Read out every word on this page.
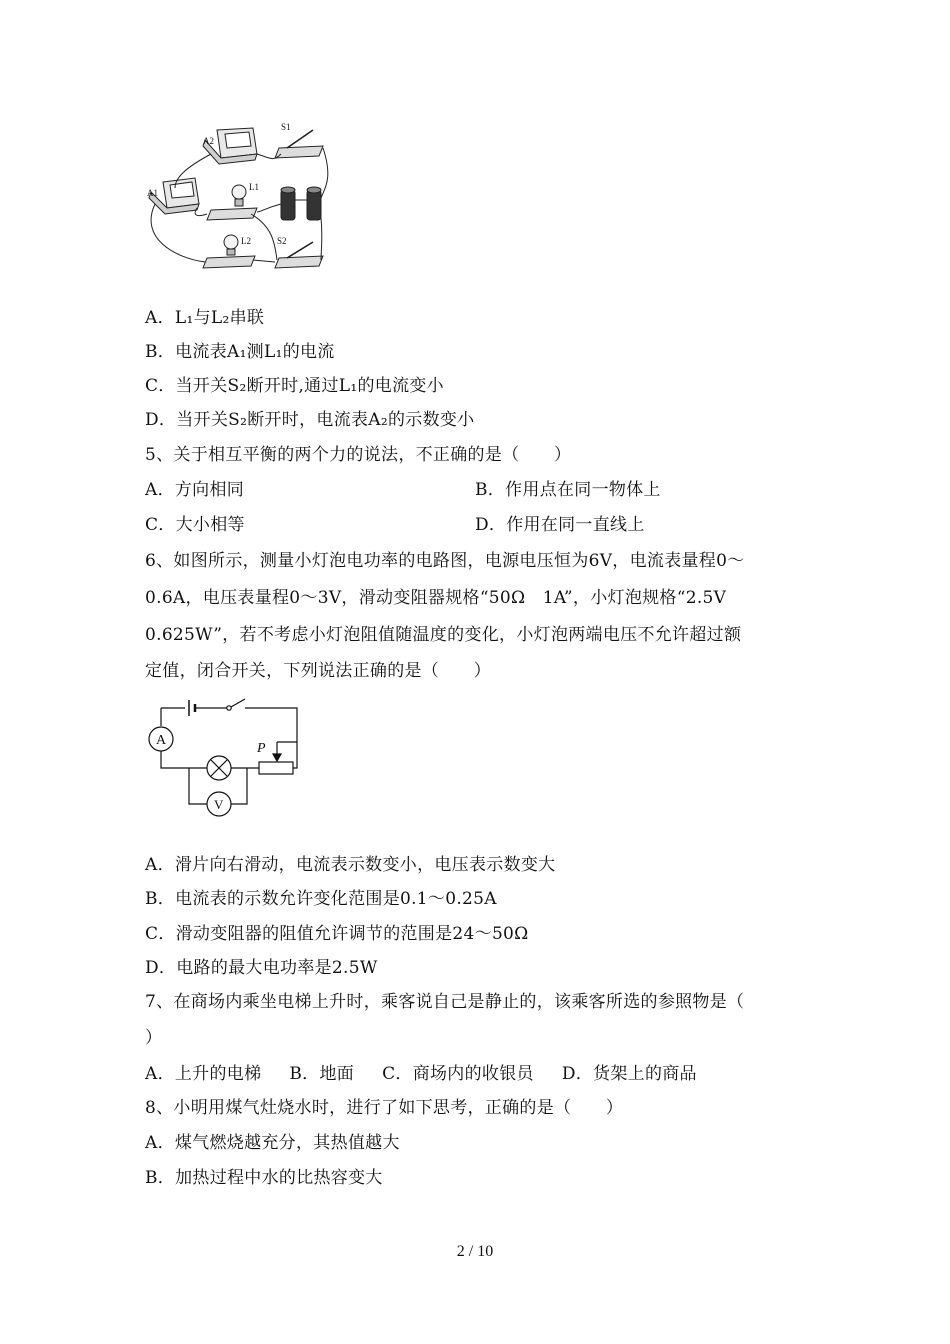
A2
S1
A1
L1
L2	S2
A．L₁与L₂串联
B．电流表A₁测L₁的电流
C．当开关S₂断开时,通过L₁的电流变小
D．当开关S₂断开时，电流表A₂的示数变小
5、关于相互平衡的两个力的说法，不正确的是（　　）
A．方向相同	B．作用点在同一物体上
C．大小相等	D．作用在同一直线上
6、如图所示，测量小灯泡电功率的电路图，电源电压恒为6V，电流表量程0～
0.6A，电压表量程0～3V，滑动变阻器规格“50Ω　1A”，小灯泡规格“2.5V
0.625W”，若不考虑小灯泡阻值随温度的变化，小灯泡两端电压不允许超过额
定值，闭合开关，下列说法正确的是（　　）
A
V
P
A．滑片向右滑动，电流表示数变小，电压表示数变大
B．电流表的示数允许变化范围是0.1～0.25A
C．滑动变阻器的阻值允许调节的范围是24～50Ω
D．电路的最大电功率是2.5W
7、在商场内乘坐电梯上升时，乘客说自己是静止的，该乘客所选的参照物是（
）
A．上升的电梯 B．地面 C．商场内的收银员 D．货架上的商品
8、小明用煤气灶烧水时，进行了如下思考，正确的是（　　）
A．煤气燃烧越充分，其热值越大
B．加热过程中水的比热容变大
2 / 10
